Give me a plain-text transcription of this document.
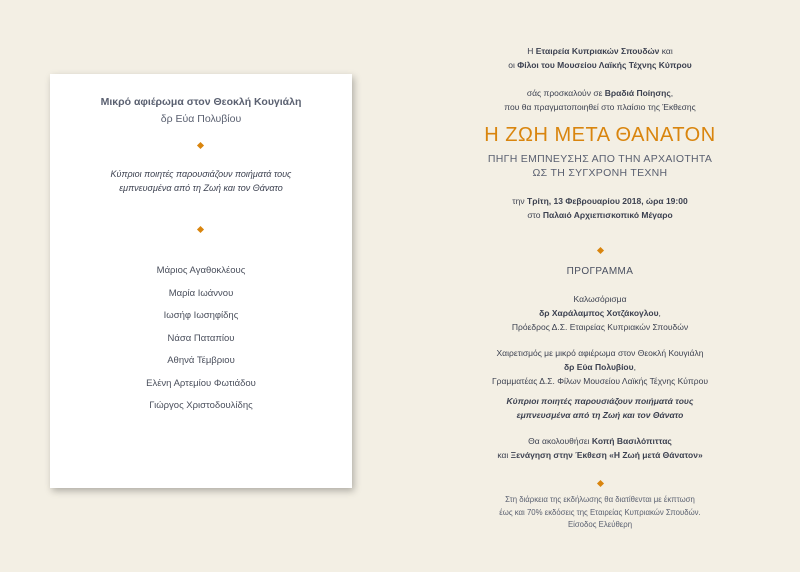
Μικρό αφιέρωμα στον Θεοκλή Κουγιάλη
δρ Εύα Πολυβίου
Κύπριοι ποιητές παρουσιάζουν ποιήματά τους
εμπνευσμένα από τη Ζωή και τον Θάνατο
Μάριος Αγαθοκλέους
Μαρία Ιωάννου
Ιωσήφ Ιωσηφίδης
Νάσα Παταπίου
Αθηνά Τέμβριου
Ελένη Αρτεμίου Φωτιάδου
Γιώργος Χριστοδουλίδης
Η Εταιρεία Κυπριακών Σπουδών και
οι Φίλοι του Μουσείου Λαϊκής Τέχνης Κύπρου
σάς προσκαλούν σε Βραδιά Ποίησης,
που θα πραγματοποιηθεί στο πλαίσιο της Έκθεσης
Η ΖΩΗ ΜΕΤΑ ΘΑΝΑΤΟΝ
ΠΗΓΗ ΕΜΠΝΕΥΣΗΣ ΑΠΟ ΤΗΝ ΑΡΧΑΙΟΤΗΤΑ
ΩΣ ΤΗ ΣΥΓΧΡΟΝΗ ΤΕΧΝΗ
την Τρίτη, 13 Φεβρουαρίου 2018, ώρα 19:00
στο Παλαιό Αρχιεπισκοπικό Μέγαρο
ΠΡΟΓΡΑΜΜΑ
Καλωσόρισμα
δρ Χαράλαμπος Χοτζάκογλου,
Πρόεδρος Δ.Σ. Εταιρείας Κυπριακών Σπουδών
Χαιρετισμός με μικρό αφιέρωμα στον Θεοκλή Κουγιάλη
δρ Εύα Πολυβίου,
Γραμματέας Δ.Σ. Φίλων Μουσείου Λαϊκής Τέχνης Κύπρου
Κύπριοι ποιητές παρουσιάζουν ποιήματά τους
εμπνευσμένα από τη Ζωή και τον Θάνατο
Θα ακολουθήσει Κοπή Βασιλόπιττας
και Ξενάγηση στην Έκθεση «Η Ζωή μετά Θάνατον»
Στη διάρκεια της εκδήλωσης θα διατίθενται με έκπτωση
έως και 70% εκδόσεις της Εταιρείας Κυπριακών Σπουδών.
Είσοδος Ελεύθερη
